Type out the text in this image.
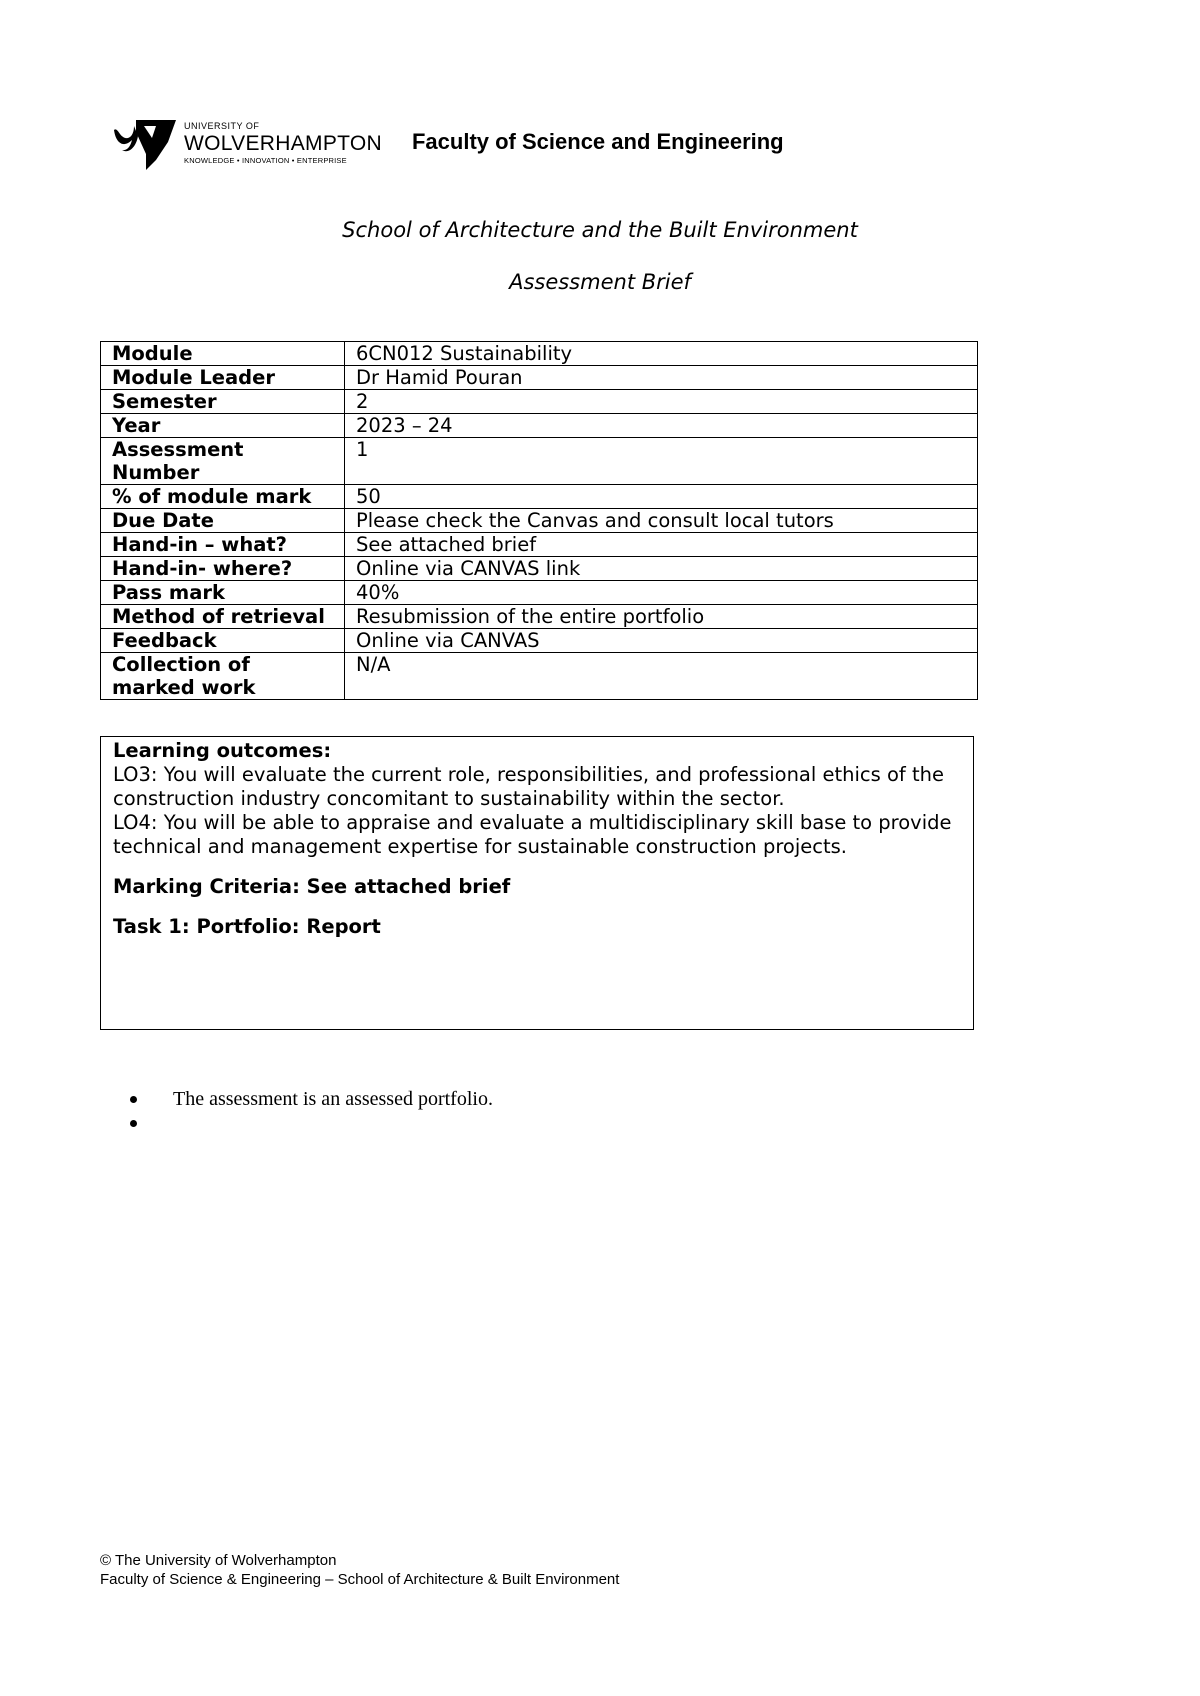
UNIVERSITY OF
WOLVERHAMPTON
KNOWLEDGE • INNOVATION • ENTERPRISE
Faculty of Science and Engineering
School of Architecture and the Built Environment
Assessment Brief
Module	6CN012 Sustainability
Module Leader	Dr Hamid Pouran
Semester	2
Year	2023 – 24
Assessment Number	1
% of module mark	50
Due Date	Please check the Canvas and consult local tutors
Hand-in – what?	See attached brief
Hand-in- where?	Online via CANVAS link
Pass mark	40%
Method of retrieval	Resubmission of the entire portfolio
Feedback	Online via CANVAS
Collection of marked work	N/A
Learning outcomes:
LO3: You will evaluate the current role, responsibilities, and professional ethics of the construction industry concomitant to sustainability within the sector.
LO4: You will be able to appraise and evaluate a multidisciplinary skill base to provide technical and management expertise for sustainable construction projects.
Marking Criteria: See attached brief
Task 1: Portfolio: Report
The assessment is an assessed portfolio.
© The University of Wolverhampton
Faculty of Science & Engineering – School of Architecture & Built Environment
